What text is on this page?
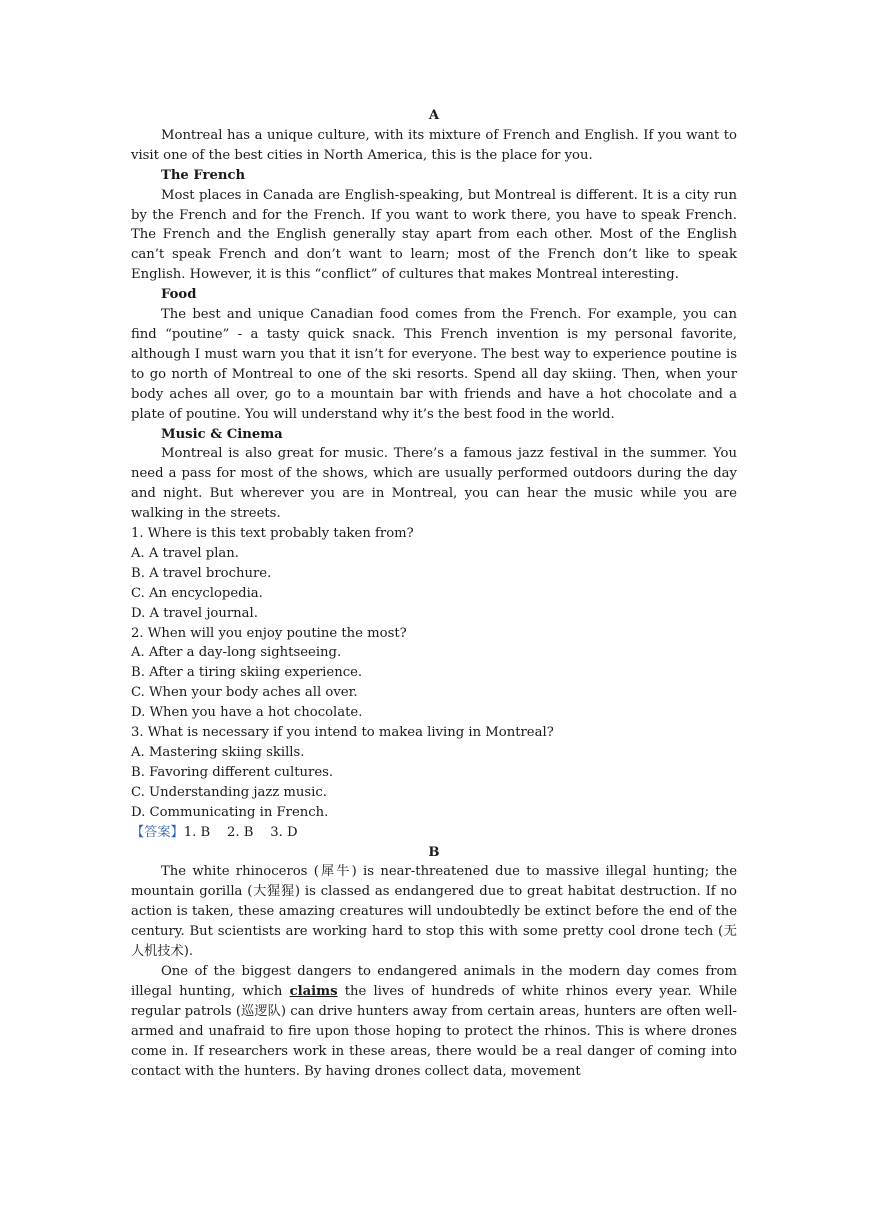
A

Montreal has a unique culture, with its mixture of French and English. If you want to visit one of the best cities in North America, this is the place for you.

The French

Most places in Canada are English-speaking, but Montreal is different. It is a city run by the French and for the French. If you want to work there, you have to speak French. The French and the English generally stay apart from each other. Most of the English can’t speak French and don’t want to learn; most of the French don’t like to speak English. However, it is this “conflict” of cultures that makes Montreal interesting.

Food

The best and unique Canadian food comes from the French. For example, you can find “poutine” - a tasty quick snack. This French invention is my personal favorite, although I must warn you that it isn’t for everyone. The best way to experience poutine is to go north of Montreal to one of the ski resorts. Spend all day skiing. Then, when your body aches all over, go to a mountain bar with friends and have a hot chocolate and a plate of poutine. You will understand why it’s the best food in the world.

Music & Cinema

Montreal is also great for music. There’s a famous jazz festival in the summer. You need a pass for most of the shows, which are usually performed outdoors during the day and night. But wherever you are in Montreal, you can hear the music while you are walking in the streets.

1. Where is this text probably taken from?
A. A travel plan.
B. A travel brochure.
C. An encyclopedia.
D. A travel journal.
2. When will you enjoy poutine the most?
A. After a day-long sightseeing.
B. After a tiring skiing experience.
C. When your body aches all over.
D. When you have a hot chocolate.
3. What is necessary if you intend to makea living in Montreal?
A. Mastering skiing skills.
B. Favoring different cultures.
C. Understanding jazz music.
D. Communicating in French.
【答案】1. B    2. B    3. D
B

The white rhinoceros (犀牛) is near-threatened due to massive illegal hunting; the mountain gorilla (大猩猩) is classed as endangered due to great habitat destruction. If no action is taken, these amazing creatures will undoubtedly be extinct before the end of the century. But scientists are working hard to stop this with some pretty cool drone tech (无人机技术).

One of the biggest dangers to endangered animals in the modern day comes from illegal hunting, which claims the lives of hundreds of white rhinos every year. While regular patrols (巡逻队) can drive hunters away from certain areas, hunters are often well-armed and unafraid to fire upon those hoping to protect the rhinos. This is where drones come in. If researchers work in these areas, there would be a real danger of coming into contact with the hunters. By having drones collect data, movement
